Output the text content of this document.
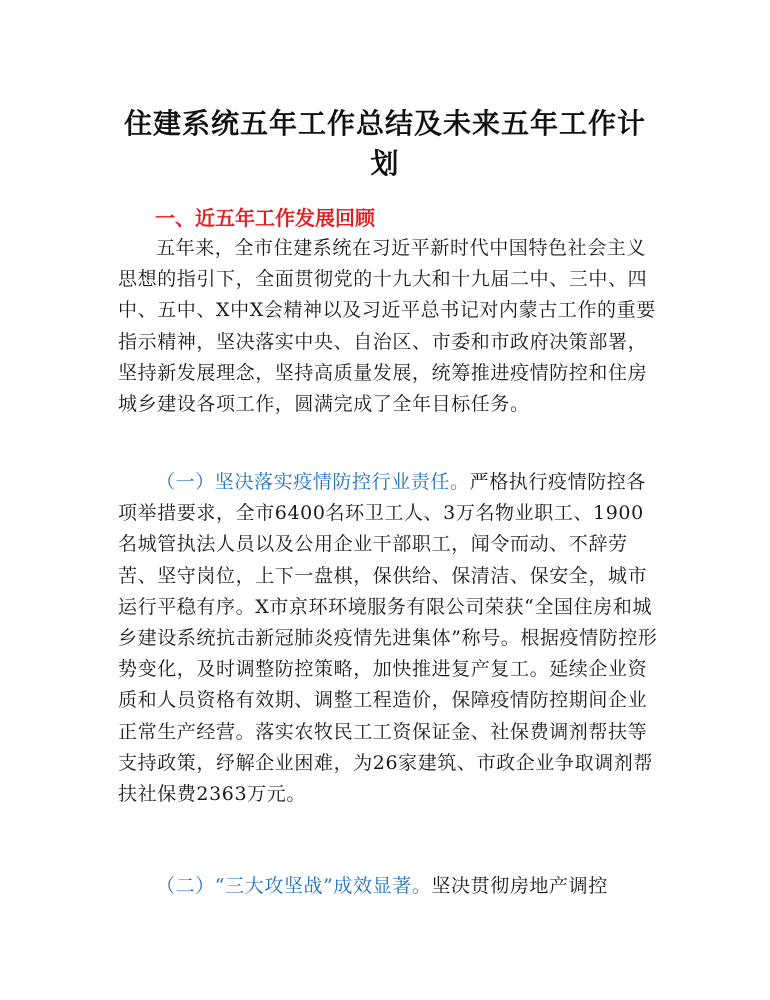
住建系统五年工作总结及未来五年工作计划
一、近五年工作发展回顾

五年来，全市住建系统在习近平新时代中国特色社会主义思想的指引下，全面贯彻党的十九大和十九届二中、三中、四中、五中、X中X会精神以及习近平总书记对内蒙古工作的重要指示精神，坚决落实中央、自治区、市委和市政府决策部署，坚持新发展理念，坚持高质量发展，统筹推进疫情防控和住房城乡建设各项工作，圆满完成了全年目标任务。

（一）坚决落实疫情防控行业责任。严格执行疫情防控各项举措要求，全市6400名环卫工人、3万名物业职工、1900名城管执法人员以及公用企业干部职工，闻令而动、不辞劳苦、坚守岗位，上下一盘棋，保供给、保清洁、保安全，城市运行平稳有序。X市京环环境服务有限公司荣获“全国住房和城乡建设系统抗击新冠肺炎疫情先进集体”称号。根据疫情防控形势变化，及时调整防控策略，加快推进复产复工。延续企业资质和人员资格有效期、调整工程造价，保障疫情防控期间企业正常生产经营。落实农牧民工工资保证金、社保费调剂帮扶等支持政策，纾解企业困难，为26家建筑、市政企业争取调剂帮扶社保费2363万元。

（二）“三大攻坚战”成效显著。坚决贯彻房地产调控
